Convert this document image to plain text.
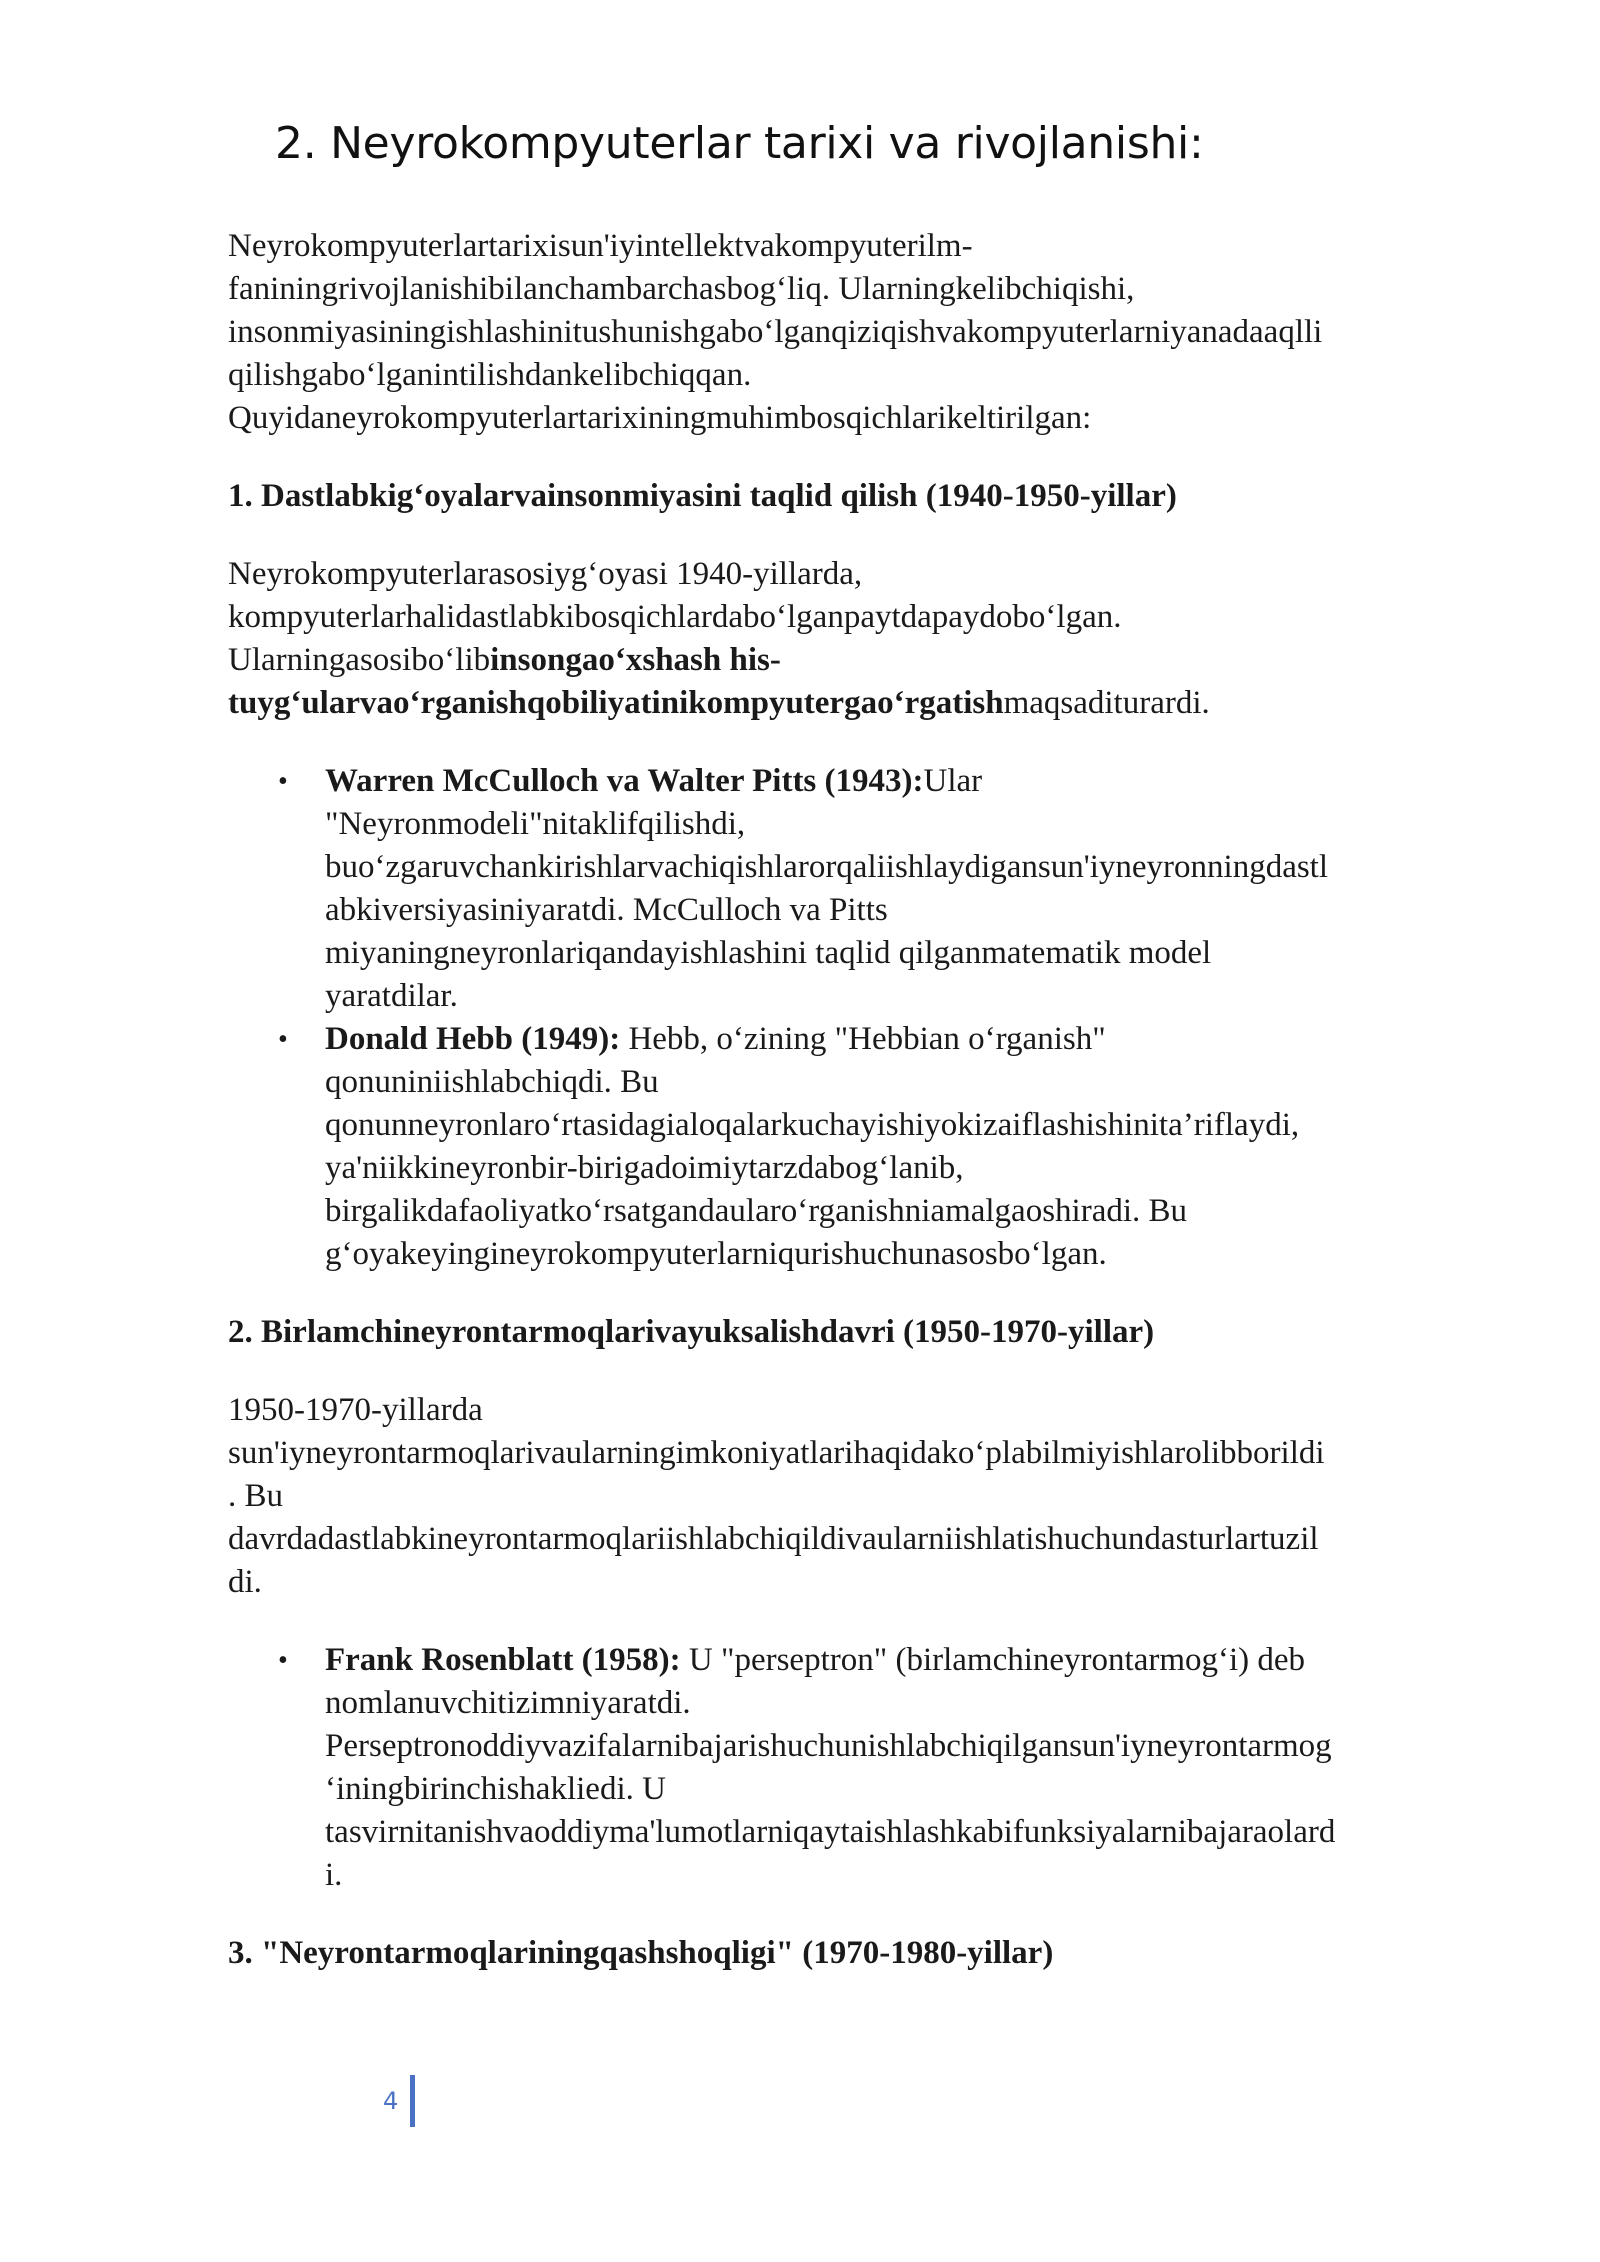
2. Neyrokompyuterlar tarixi va rivojlanishi:

Neyrokompyuterlartarixisun'iyintellektvakompyuterilm-
faniningrivojlanishibilanchambarchasbog‘liq. Ularningkelibchiqishi,
insonmiyasiningishlashinitushunishgabo‘lganqiziqishvakompyuterlarniyanadaaqlli
qilishgabo‘lganintilishdankelibchiqqan.
Quyidaneyrokompyuterlartarixiningmuhimbosqichlarikeltirilgan:

1. Dastlabkig‘oyalarvainsonmiyasini taqlid qilish (1940-1950-yillar)

Neyrokompyuterlarasosiyg‘oyasi 1940-yillarda,
kompyuterlarhalidastlabkibosqichlardabo‘lganpaytdapaydobo‘lgan.
Ularningasosibo‘libinsongao‘xshash his-
tuyg‘ularvao‘rganishqobiliyatinikompyutergao‘rgatishmaqsaditurardi.

• Warren McCulloch va Walter Pitts (1943):Ular
"Neyronmodeli"nitaklifqilishdi,
buo‘zgaruvchankirishlarvachiqishlarorqaliishlaydigansun'iyneyronningdastl
abkiversiyasiniyaratdi. McCulloch va Pitts
miyaningneyronlariqandayishlashini taqlid qilganmatematik model
yaratdilar.
• Donald Hebb (1949): Hebb, o‘zining "Hebbian o‘rganish"
qonuniniishlabchiqdi. Bu
qonunneyronlaro‘rtasidagialoqalarkuchayishiyokizaiflashishinita’riflaydi,
ya'niikkineyronbir-birigadoimiytarzdabog‘lanib,
birgalikdafaoliyatko‘rsatgandaularo‘rganishniamalgaoshiradi. Bu
g‘oyakeyingineyrokompyuterlarniqurishuchunasosbo‘lgan.
2. Birlamchineyrontarmoqlarivayuksalishdavri (1950-1970-yillar)

1950-1970-yillarda
sun'iyneyrontarmoqlarivaularningimkoniyatlarihaqidako‘plabilmiyishlarolibborildi
. Bu
davrdadastlabkineyrontarmoqlariishlabchiqildivaularniishlatishuchundasturlartuzil
di.

• Frank Rosenblatt (1958): U "perseptron" (birlamchineyrontarmog‘i) deb
nomlanuvchitizimniyaratdi.
Perseptronoddiyvazifalarnibajarishuchunishlabchiqilgansun'iyneyrontarmog
‘iningbirinchishakliedi. U
tasvirnitanishvaoddiyma'lumotlarniqaytaishlashkabifunksiyalarnibajaraolard
i.
3. "Neyrontarmoqlariningqashshoqligi" (1970-1980-yillar)
4
